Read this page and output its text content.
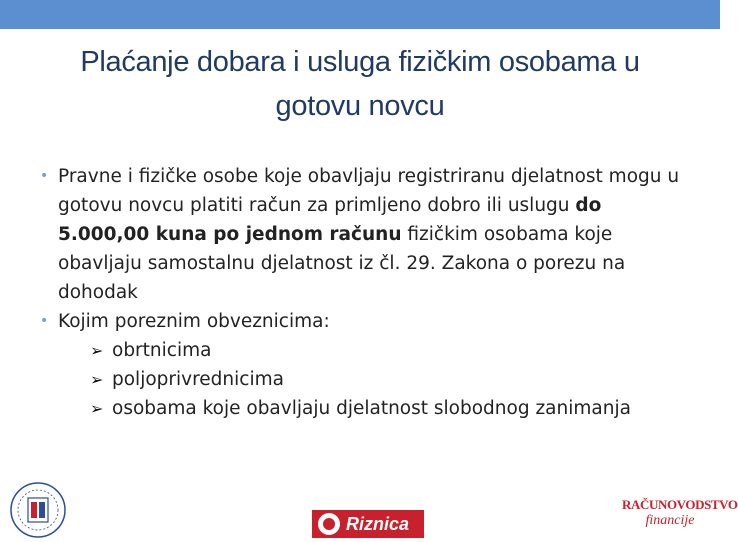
Plaćanje dobara i usluga fizičkim osobama u
gotovu novcu

• Pravne i fizičke osobe koje obavljaju registriranu djelatnost mogu u gotovu novcu platiti račun za primljeno dobro ili uslugu do 5.000,00 kuna po jednom računu fizičkim osobama koje obavljaju samostalnu djelatnost iz čl. 29. Zakona o porezu na dohodak

• Kojim poreznim obveznicima:

➢ obrtnicima

➢ poljoprivrednicima

➢ osobama koje obavljaju djelatnost slobodnog zanimanja

Riznica
RAČUNOVODSTVO
financije
